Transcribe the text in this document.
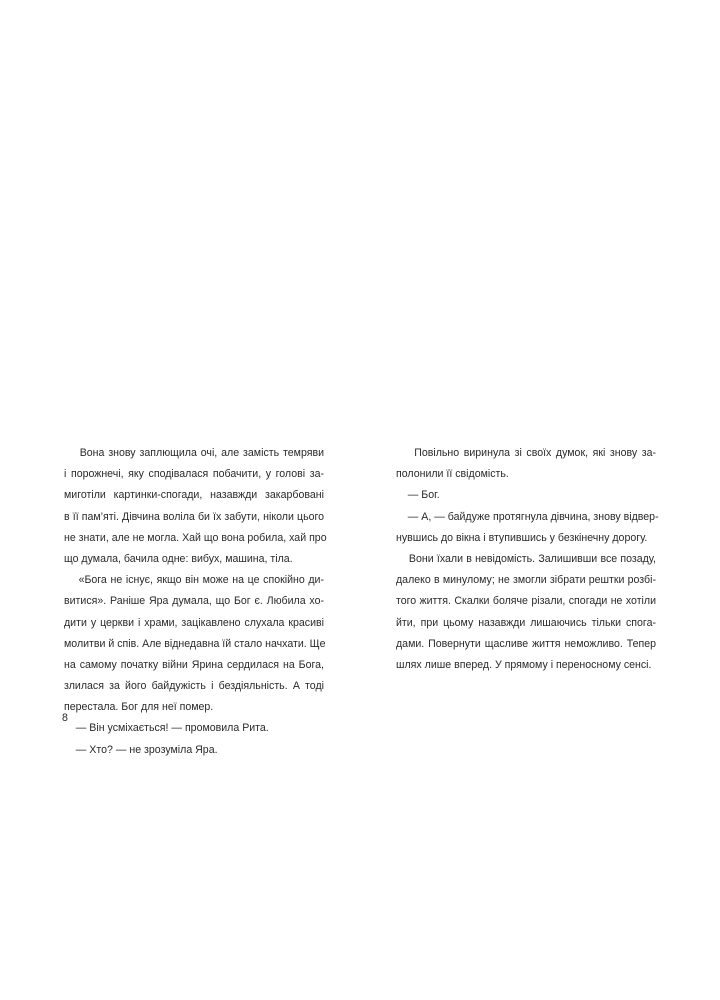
Вона знову заплющила очі, але замість темряви
і порожнечі, яку сподівалася побачити, у голові за-
миготіли картинки-спогади, назавжди закарбовані
в її пам’яті. Дівчина воліла би їх забути, ніколи цього
не знати, але не могла. Хай що вона робила, хай про
що думала, бачила одне: вибух, машина, тіла.
«Бога не існує, якщо він може на це спокійно ди-
витися». Раніше Яра думала, що Бог є. Любила хо-
дити у церкви і храми, зацікавлено слухала красиві
молитви й спів. Але віднедавна їй стало начхати. Ще
на самому початку війни Ярина сердилася на Бога,
злилася за його байдужість і бездіяльність. А тоді
перестала. Бог для неї помер.
— Він усміхається! — промовила Рита.
— Хто? — не зрозуміла Яра.
Повільно виринула зі своїх думок, які знову за-
полонили її свідомість.
— Бог.
— А, — байдуже протягнула дівчина, знову відвер-
нувшись до вікна і втупившись у безкінечну дорогу.
Вони їхали в невідомість. Залишивши все позаду,
далеко в минулому; не змогли зібрати рештки розбі-
того життя. Скалки боляче різали, спогади не хотіли
йти, при цьому назавжди лишаючись тільки спога-
дами. Повернути щасливе життя неможливо. Тепер
шлях лише вперед. У прямому і переносному сенсі.
8
